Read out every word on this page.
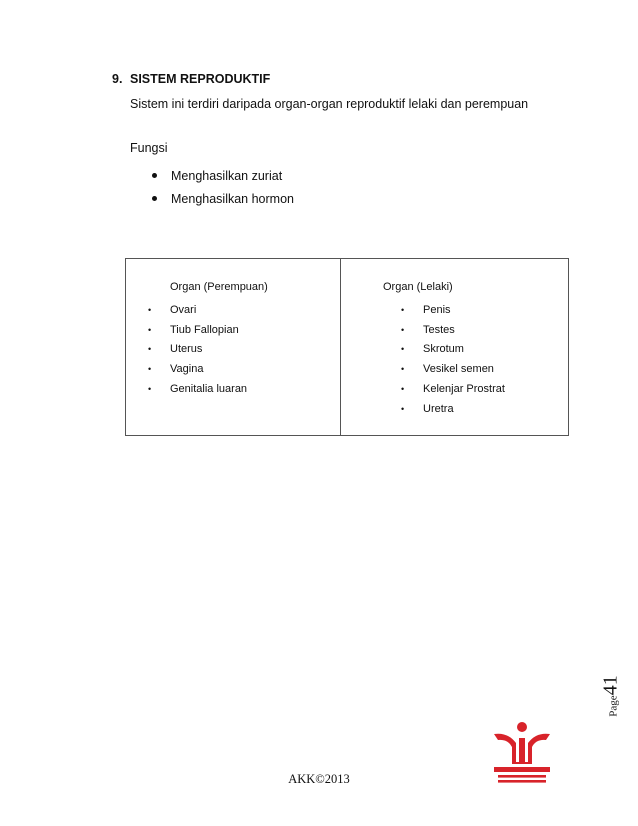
9. SISTEM REPRODUKTIF
Sistem ini terdiri daripada organ-organ reproduktif lelaki dan perempuan
Fungsi
Menghasilkan zuriat
Menghasilkan hormon
Organ (Perempuan)
•	Ovari
•	Tiub Fallopian
•	Uterus
•	Vagina
•	Genitalia luaran
Organ (Lelaki)
•	Penis
•	Testes
•	Skrotum
•	Vesikel semen
•	Kelenjar Prostrat
•	Uretra
Page41
AKK©2013
